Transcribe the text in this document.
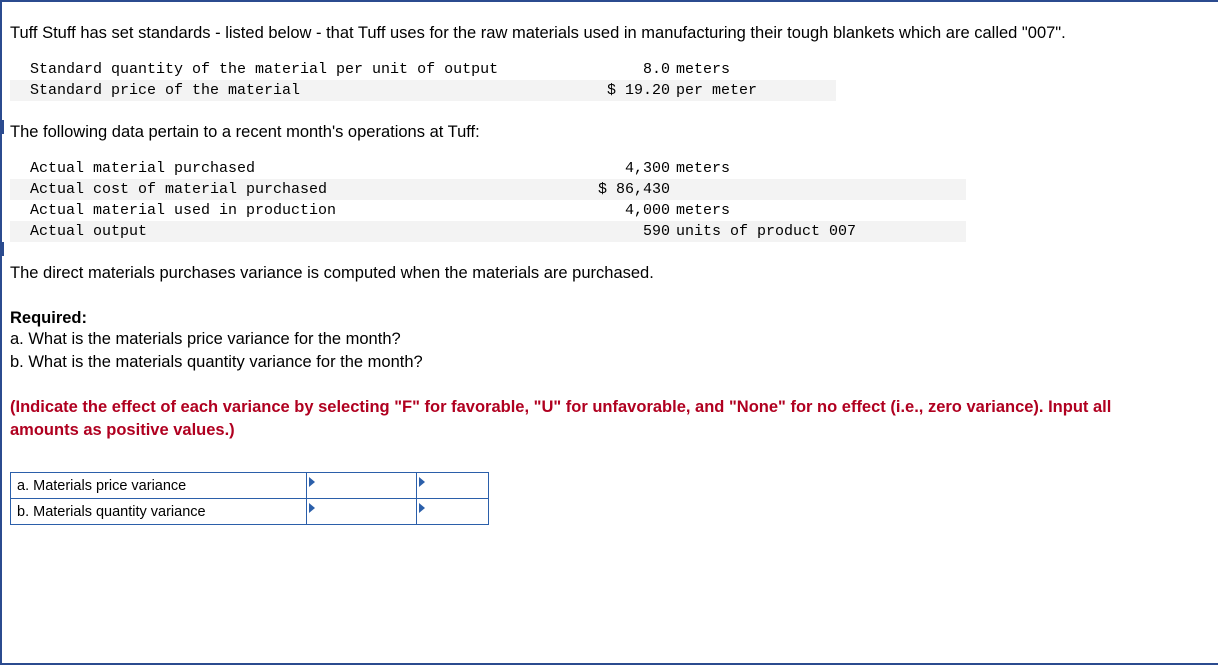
Tuff Stuff has set standards - listed below - that Tuff uses for the raw materials used in manufacturing their tough blankets which are called "007".
Standard quantity of the material per unit of output	8.0	meters
Standard price of the material	$ 19.20	per meter
The following data pertain to a recent month's operations at Tuff:
Actual material purchased	4,300	meters
Actual cost of material purchased	$ 86,430	
Actual material used in production	4,000	meters
Actual output	590	units of product 007
The direct materials purchases variance is computed when the materials are purchased.
Required:
a. What is the materials price variance for the month?
b. What is the materials quantity variance for the month?
(Indicate the effect of each variance by selecting "F" for favorable, "U" for unfavorable, and "None" for no effect (i.e., zero variance). Input all amounts as positive values.)
a. Materials price variance	

b. Materials quantity variance	
